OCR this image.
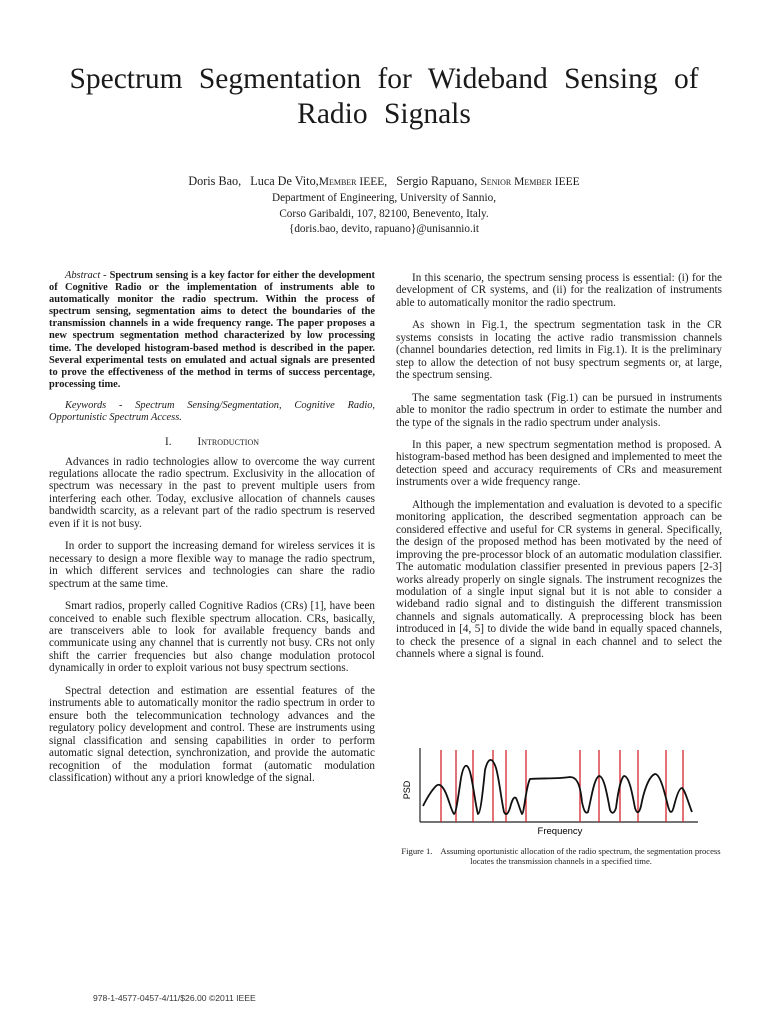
Spectrum Segmentation for Wideband Sensing of Radio Signals
Doris Bao, Luca De Vito,Member IEEE, Sergio Rapuano, Senior Member IEEE
Department of Engineering, University of Sannio,
Corso Garibaldi, 107, 82100, Benevento, Italy.
{doris.bao, devito, rapuano}@unisannio.it
Abstract - Spectrum sensing is a key factor for either the development of Cognitive Radio or the implementation of instruments able to automatically monitor the radio spectrum. Within the process of spectrum sensing, segmentation aims to detect the boundaries of the transmission channels in a wide frequency range. The paper proposes a new spectrum segmentation method characterized by low processing time. The developed histogram-based method is described in the paper. Several experimental tests on emulated and actual signals are presented to prove the effectiveness of the method in terms of success percentage, processing time.
Keywords - Spectrum Sensing/Segmentation, Cognitive Radio, Opportunistic Spectrum Access.
I. Introduction

Advances in radio technologies allow to overcome the way current regulations allocate the radio spectrum. Exclusivity in the allocation of spectrum was necessary in the past to prevent multiple users from interfering each other. Today, exclusive allocation of channels causes bandwidth scarcity, as a relevant part of the radio spectrum is reserved even if it is not busy.

In order to support the increasing demand for wireless services it is necessary to design a more flexible way to manage the radio spectrum, in which different services and technologies can share the radio spectrum at the same time.

Smart radios, properly called Cognitive Radios (CRs) [1], have been conceived to enable such flexible spectrum allocation. CRs, basically, are transceivers able to look for available frequency bands and communicate using any channel that is currently not busy. CRs not only shift the carrier frequencies but also change modulation protocol dynamically in order to exploit various not busy spectrum sections.

Spectral detection and estimation are essential features of the instruments able to automatically monitor the radio spectrum in order to ensure both the telecommunication technology advances and the regulatory policy development and control. These are instruments using signal classification and sensing capabilities in order to perform automatic signal detection, synchronization, and provide the automatic recognition of the modulation format (automatic modulation classification) without any a priori knowledge of the signal.

In this scenario, the spectrum sensing process is essential: (i) for the development of CR systems, and (ii) for the realization of instruments able to automatically monitor the radio spectrum.

As shown in Fig.1, the spectrum segmentation task in the CR systems consists in locating the active radio transmission channels (channel boundaries detection, red limits in Fig.1). It is the preliminary step to allow the detection of not busy spectrum segments or, at large, the spectrum sensing.

The same segmentation task (Fig.1) can be pursued in instruments able to monitor the radio spectrum in order to estimate the number and the type of the signals in the radio spectrum under analysis.

In this paper, a new spectrum segmentation method is proposed. A histogram-based method has been designed and implemented to meet the detection speed and accuracy requirements of CRs and measurement instruments over a wide frequency range.

Although the implementation and evaluation is devoted to a specific monitoring application, the described segmentation approach can be considered effective and useful for CR systems in general. Specifically, the design of the proposed method has been motivated by the need of improving the pre-processor block of an automatic modulation classifier. The automatic modulation classifier presented in previous papers [2-3] works already properly on single signals. The instrument recognizes the modulation of a single input signal but it is not able to consider a wideband radio signal and to distinguish the different transmission channels and signals automatically. A preprocessing block has been introduced in [4, 5] to divide the wide band in equally spaced channels, to check the presence of a signal in each channel and to select the channels where a signal is found.

PSD
Frequency
Figure 1. Assuming oportunistic allocation of the radio spectrum, the segmentation process locates the transmission channels in a specified time.
978-1-4577-0457-4/11/$26.00 ©2011 IEEE
